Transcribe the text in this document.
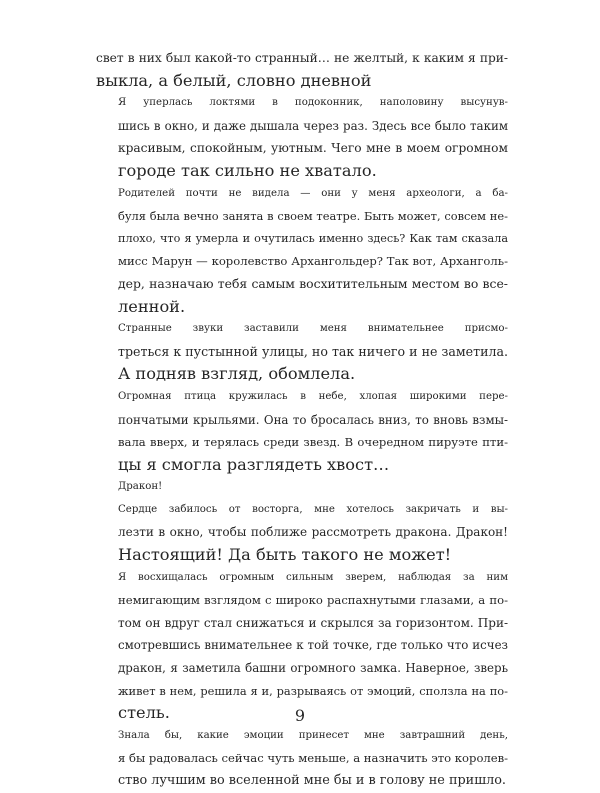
свет в них был какой-то странный… не желтый, к каким я при-
выкла, а белый, словно дневной

Я уперлась локтями в подоконник, наполовину высунув-
шись в окно, и даже дышала через раз. Здесь все было таким
красивым, спокойным, уютным. Чего мне в моем огромном
городе так сильно не хватало.

Родителей почти не видела — они у меня археологи, а ба-
буля была вечно занята в своем театре. Быть может, совсем не-
плохо, что я умерла и очутилась именно здесь? Как там сказала
мисс Марун — королевство Архангольдер? Так вот, Арханголь-
дер, назначаю тебя самым восхитительным местом во все-
ленной.

Странные звуки заставили меня внимательнее присмо-
треться к пустынной улицы, но так ничего и не заметила.
А подняв взгляд, обомлела.

Огромная птица кружилась в небе, хлопая широкими пере-
пончатыми крыльями. Она то бросалась вниз, то вновь взмы-
вала вверх, и терялась среди звезд. В очередном пируэте пти-
цы я смогла разглядеть хвост…

Дракон!

Сердце забилось от восторга, мне хотелось закричать и вы-
лезти в окно, чтобы поближе рассмотреть дракона. Дракон!
Настоящий! Да быть такого не может!

Я восхищалась огромным сильным зверем, наблюдая за ним
немигающим взглядом с широко распахнутыми глазами, а по-
том он вдруг стал снижаться и скрылся за горизонтом. При-
смотревшись внимательнее к той точке, где только что исчез
дракон, я заметила башни огромного замка. Наверное, зверь
живет в нем, решила я и, разрываясь от эмоций, сползла на по-
стель.

Знала бы, какие эмоции принесет мне завтрашний день,
я бы радовалась сейчас чуть меньше, а назначить это королев-
ство лучшим во вселенной мне бы и в голову не пришло.

9
